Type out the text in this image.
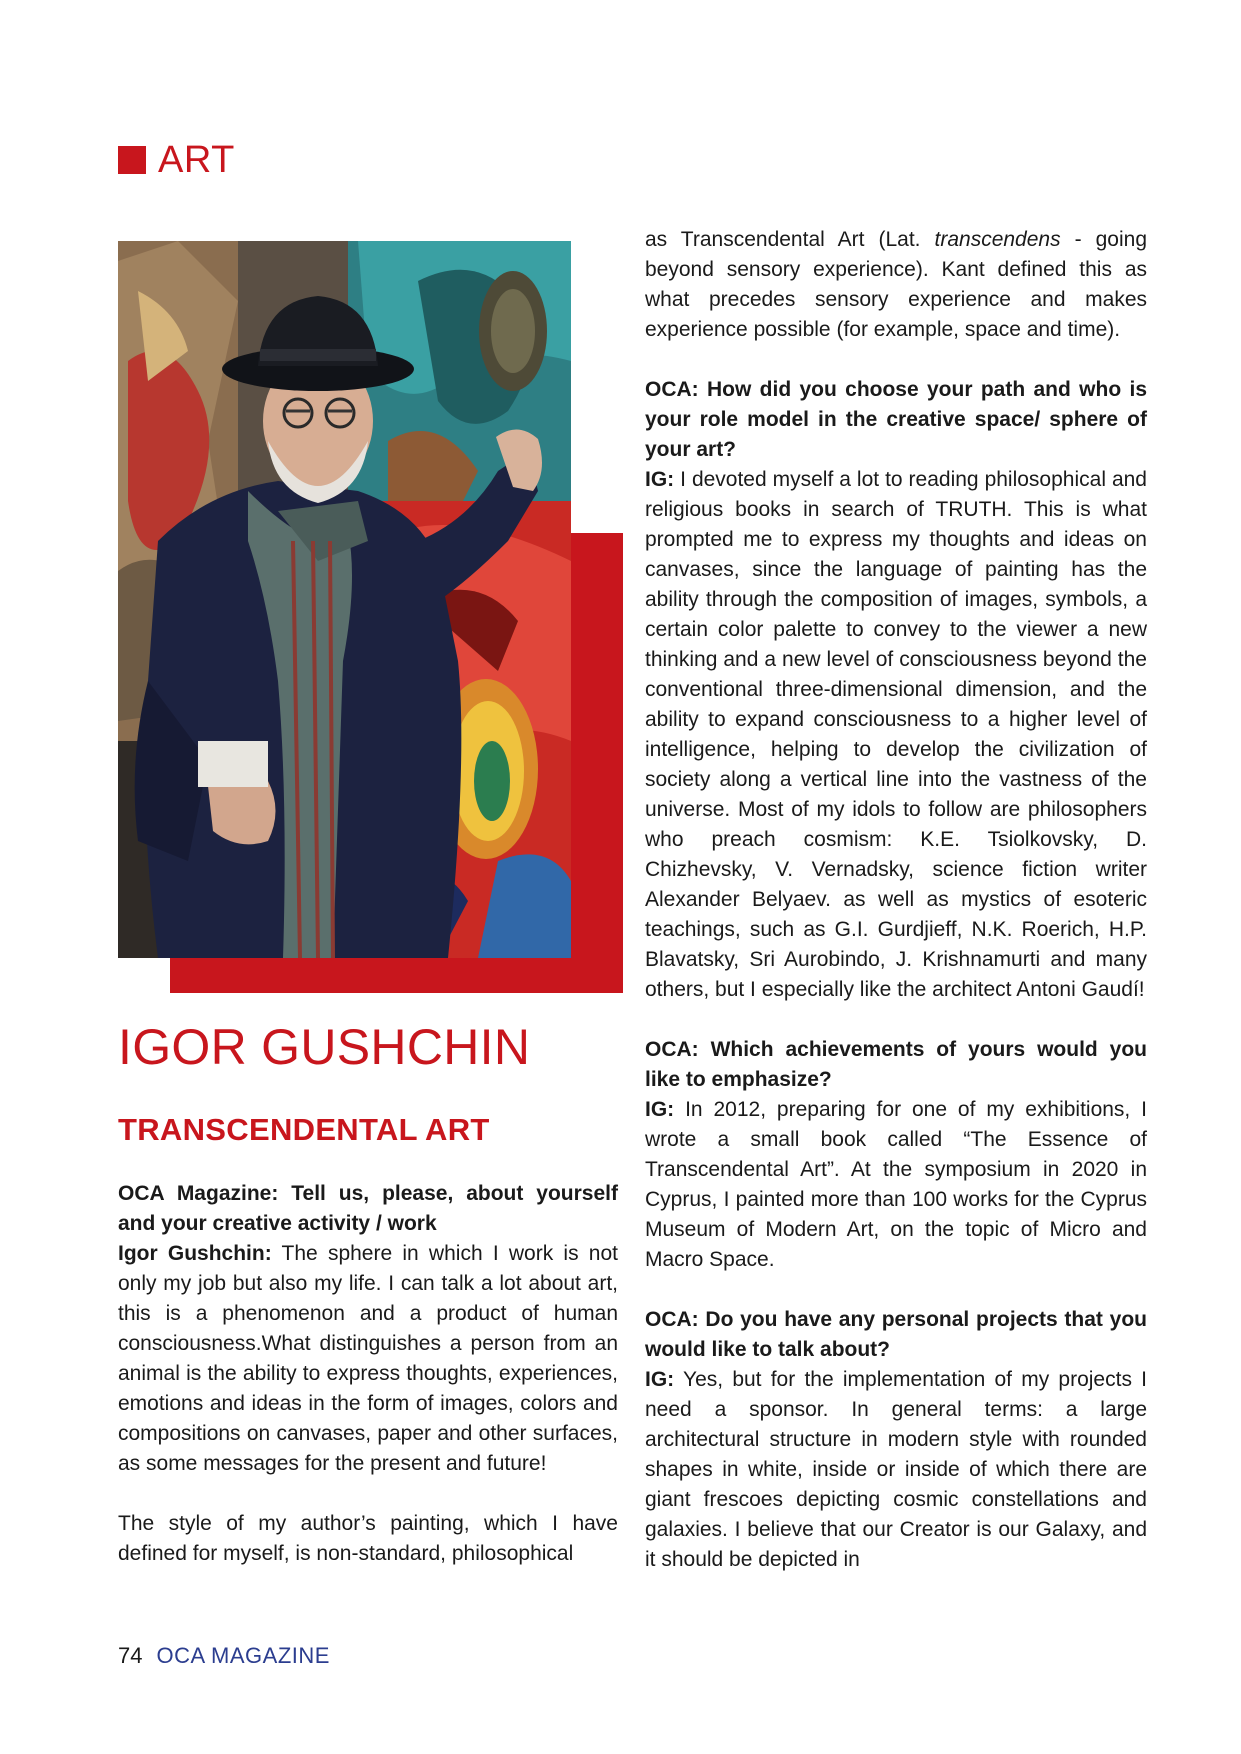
ART
IGOR GUSHCHIN
TRANSCENDENTAL ART

OCA Magazine: Tell us, please, about yourself and your creative activity / work

Igor Gushchin: The sphere in which I work is not only my job but also my life. I can talk a lot about art, this is a phenomenon and a product of human consciousness.What distinguishes a person from an animal is the ability to express thoughts, experiences, emotions and ideas in the form of images, colors and compositions on canvases, paper and other surfaces, as some messages for the present and future!

The style of my author’s painting, which I have defined for myself, is non-standard, philosophical

as Transcendental Art (Lat. transcendens - going beyond sensory experience). Kant defined this as what precedes sensory experience and makes experience possible (for example, space and time).

OCA: How did you choose your path and who is your role model in the creative space/ sphere of your art?

IG: I devoted myself a lot to reading philosophical and religious books in search of TRUTH. This is what prompted me to express my thoughts and ideas on canvases, since the language of painting has the ability through the composition of images, symbols, a certain color palette to convey to the viewer a new thinking and a new level of consciousness beyond the conventional three-dimensional dimension, and the ability to expand consciousness to a higher level of intelligence, helping to develop the civilization of society along a vertical line into the vastness of the universe. Most of my idols to follow are philosophers who preach cosmism: K.E. Tsiolkovsky, D. Chizhevsky, V. Vernadsky, science fiction writer Alexander Belyaev. as well as mystics of esoteric teachings, such as G.I. Gurdjieff, N.K. Roerich, H.P. Blavatsky, Sri Aurobindo, J. Krishnamurti and many others, but I especially like the architect Antoni Gaudí!

OCA: Which achievements of yours would you like to emphasize?

IG: In 2012, preparing for one of my exhibitions, I wrote a small book called “The Essence of Transcendental Art”. At the symposium in 2020 in Cyprus, I painted more than 100 works for the Cyprus Museum of Modern Art, on the topic of Micro and Macro Space.

OCA: Do you have any personal projects that you would like to talk about?

IG: Yes, but for the implementation of my projects I need a sponsor. In general terms: a large architectural structure in modern style with rounded shapes in white, inside or inside of which there are giant frescoes depicting cosmic constellations and galaxies. I believe that our Creator is our Galaxy, and it should be depicted in

74 OCA MAGAZINE
